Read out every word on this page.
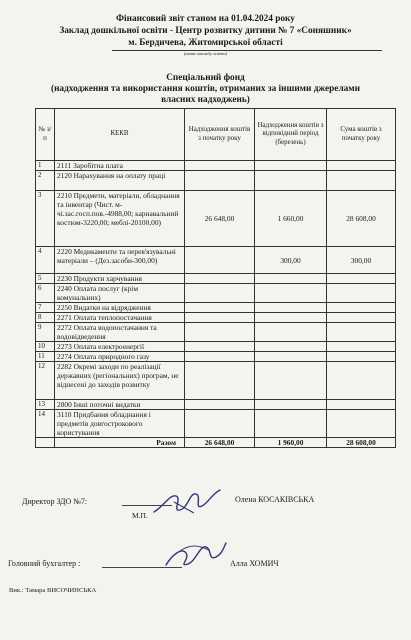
Фінансовий звіт станом на 01.04.2024 року
Заклад дошкільної освіти - Центр розвитку дитини № 7 «Соняшник»
м. Бердичева, Житомирської області
(назва закладу освіти)
Спеціальний фонд
(надходження та використання коштів, отриманих за іншими джерелами
власних надходжень)
№ з/п	КЕКВ	Надходження коштів з початку року	Надходження коштів з відповідний період (березень)	Сума коштів з початку року
1	2111 Заробітна плата			
2	2120 Нарахування на оплату праці			
3	2210 Предмети, матеріали, обладнання та інвентар (Чист. м-чі.зас.госп.пов.-4988,00; карнавальний костюм-3220,00; меблі-20100,00)	26 648,00	1 660,00	28 608,00
4	2220 Медикаменти та перев'язувальні матеріали – (Дез.засоби-300,00)		300,00	300,00
5	2230 Продукти харчування			
6	2240 Оплата послуг (крім комунальних)			
7	2250 Видатки на відрядження			
8	2271 Оплата теплопостачання			
9	2272 Оплата водопостачання та водовідведення			
10	2273 Оплата електроенергії			
11	2274 Оплата природного газу			
12	2282 Окремі заходи по реалізації державних (регіональних) програм, не віднесені до заходів розвитку			
13	2800 Інші поточні видатки			
14	3110 Придбання обладнання і предметів довгострокового користування			
	Разом	26 648,00	1 960,00	28 608,00
Директор ЗДО №7:
М.П.
Олена КОСАКІВСЬКА
Головний бухгалтер :	Алла ХОМИЧ
Вик.: Тамара ВИСОЧИНСЬКА
